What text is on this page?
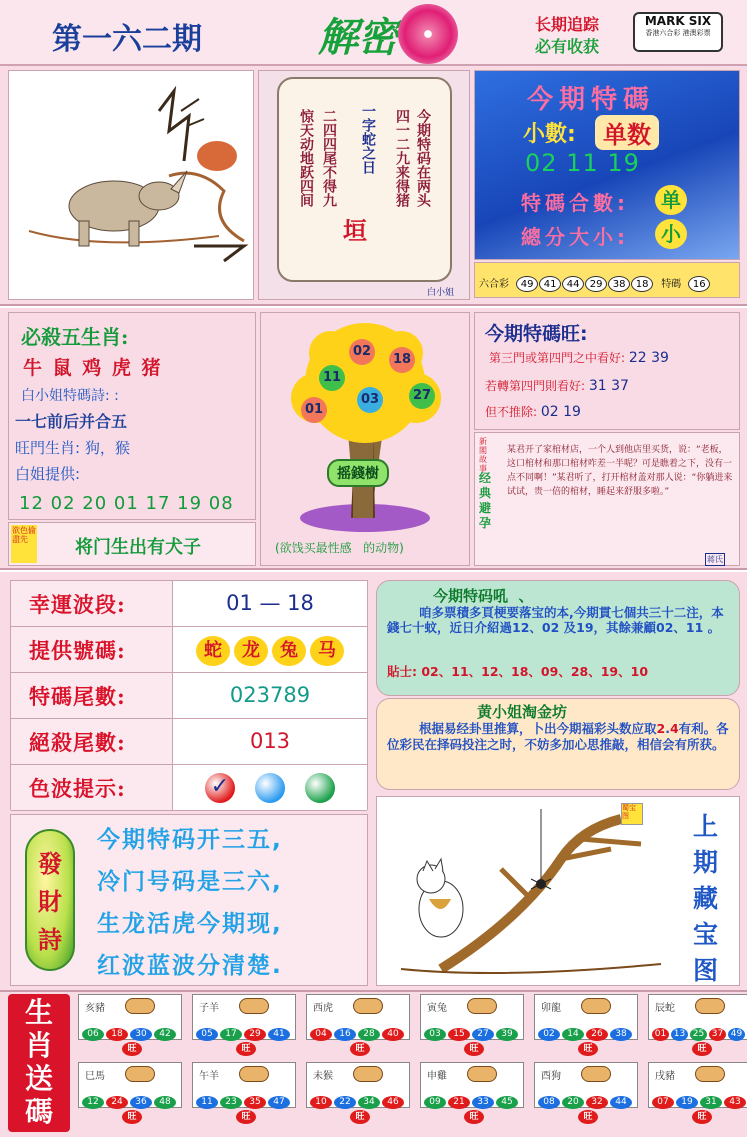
第一六二期	解密	长期追踪
必有收获
MARK SIX
香港六合彩 港澳彩票
今期特码在两头
四一二九来得猪
二四四尾不得九
惊天动地跃四间	一字蛇之日
垣
白小姐
今期特碼
小數:	单数
02 11 19
特碼合數:	单
總分大小:	小
六合彩 49 41 44 29 38 18 特碼 16
必殺五生肖:
牛 鼠 鸡 虎 猪
白小姐特碼詩: :
一七前后并合五
旺門生肖: 狗，猴
白姐提供:
12 02 20 01 17 19 08
欲色偷盡先	将门生出有犬子
02
18
11
27
03
01
摇錢樹
(欲饯买最性感   的动物)
今期特碼旺:
第三門或第四門之中看好: 22 39
若轉第四門則看好: 31 37
但不推除: 02 19
新閣故事
经典避孕
某君开了家棺材店，一个人到他店里买货，说：“老板，这口棺材和那口棺材咋差一半呢？可是瞧着之下，没有一点不同啊！”某君听了，打开棺材盖对那人说：“你躺进来试试，贵一倍的棺材，睡起来舒服多啦。”
蒋氏
幸運波段:	01 — 18
提供號碼:	蛇 龙 兔 马
特碼尾數:	023789
絕殺尾數:	013
色波提示:	✓
今期特码吼  、
咱多票積多頁梗要落宝的本,今期貫七個共三十二注，本錢七十蚊，近日介紹過12、02 及19，其餘兼顧02、11 。
貼士: 02、11、12、18、09、28、19、10
黄小姐淘金坊
根据易经卦里推算，卜出今期福彩头数应取2.4有利。各位彩民在择码投注之时，不妨多加心思推敲，相信会有所获。
蜀宝图	上期藏宝图
發
財
詩
今期特码开三五,
冷门号码是三六,
生龙活虎今期现,
红波蓝波分清楚.
生肖送碼
亥豬
06 18 30 42
旺
子羊
05 17 29 41
旺
西虎
04 16 28 40
旺
寅兔
03 15 27 39
旺
卯龍
02 14 26 38
旺
辰蛇
01 13 25 37 49
旺
巳馬
12 24 36 48
旺
午羊
11 23 35 47
旺
未猴
10 22 34 46
旺
申雞
09 21 33 45
旺
酉狗
08 20 32 44
旺
戌豬
07 19 31 43
旺
